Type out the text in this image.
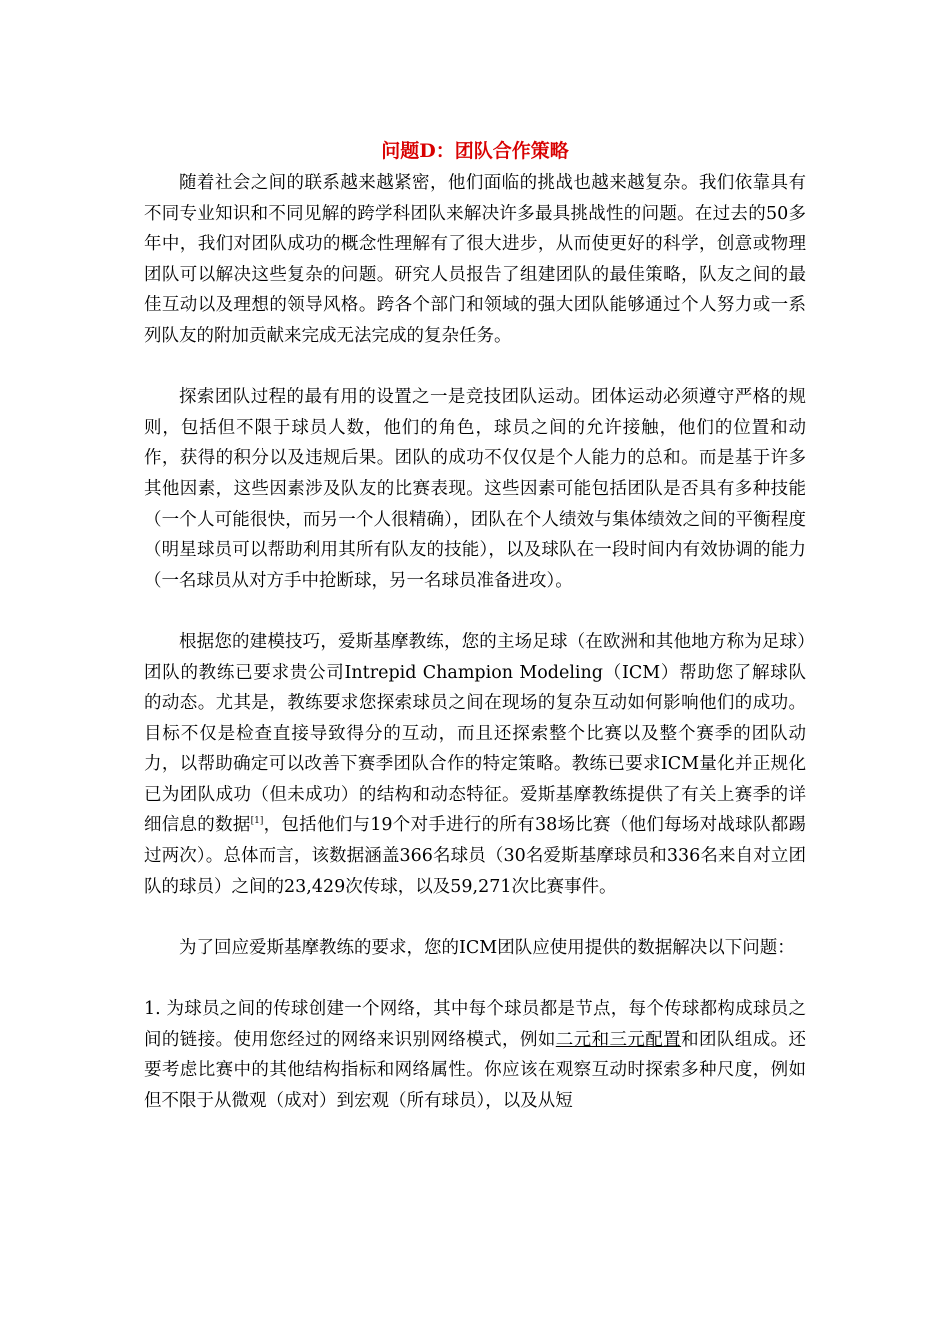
问题D：团队合作策略

随着社会之间的联系越来越紧密，他们面临的挑战也越来越复杂。我们依靠具有不同专业知识和不同见解的跨学科团队来解决许多最具挑战性的问题。在过去的50多年中，我们对团队成功的概念性理解有了很大进步，从而使更好的科学，创意或物理团队可以解决这些复杂的问题。研究人员报告了组建团队的最佳策略，队友之间的最佳互动以及理想的领导风格。跨各个部门和领域的强大团队能够通过个人努力或一系列队友的附加贡献来完成无法完成的复杂任务。

探索团队过程的最有用的设置之一是竞技团队运动。团体运动必须遵守严格的规则，包括但不限于球员人数，他们的角色，球员之间的允许接触，他们的位置和动作，获得的积分以及违规后果。团队的成功不仅仅是个人能力的总和。而是基于许多其他因素，这些因素涉及队友的比赛表现。这些因素可能包括团队是否具有多种技能（一个人可能很快，而另一个人很精确），团队在个人绩效与集体绩效之间的平衡程度（明星球员可以帮助利用其所有队友的技能），以及球队在一段时间内有效协调的能力（一名球员从对方手中抢断球，另一名球员准备进攻）。

根据您的建模技巧，爱斯基摩教练，您的主场足球（在欧洲和其他地方称为足球）团队的教练已要求贵公司Intrepid Champion Modeling（ICM）帮助您了解球队的动态。尤其是，教练要求您探索球员之间在现场的复杂互动如何影响他们的成功。目标不仅是检查直接导致得分的互动，而且还探索整个比赛以及整个赛季的团队动力，以帮助确定可以改善下赛季团队合作的特定策略。教练已要求ICM量化并正规化已为团队成功（但未成功）的结构和动态特征。爱斯基摩教练提供了有关上赛季的详细信息的数据[1]，包括他们与19个对手进行的所有38场比赛（他们每场对战球队都踢过两次）。总体而言，该数据涵盖366名球员（30名爱斯基摩球员和336名来自对立团队的球员）之间的23,429次传球，以及59,271次比赛事件。

为了回应爱斯基摩教练的要求，您的ICM团队应使用提供的数据解决以下问题：

1. 为球员之间的传球创建一个网络，其中每个球员都是节点，每个传球都构成球员之间的链接。使用您经过的网络来识别网络模式，例如二元和三元配置和团队组成。还要考虑比赛中的其他结构指标和网络属性。你应该在观察互动时探索多种尺度，例如但不限于从微观（成对）到宏观（所有球员），以及从短
